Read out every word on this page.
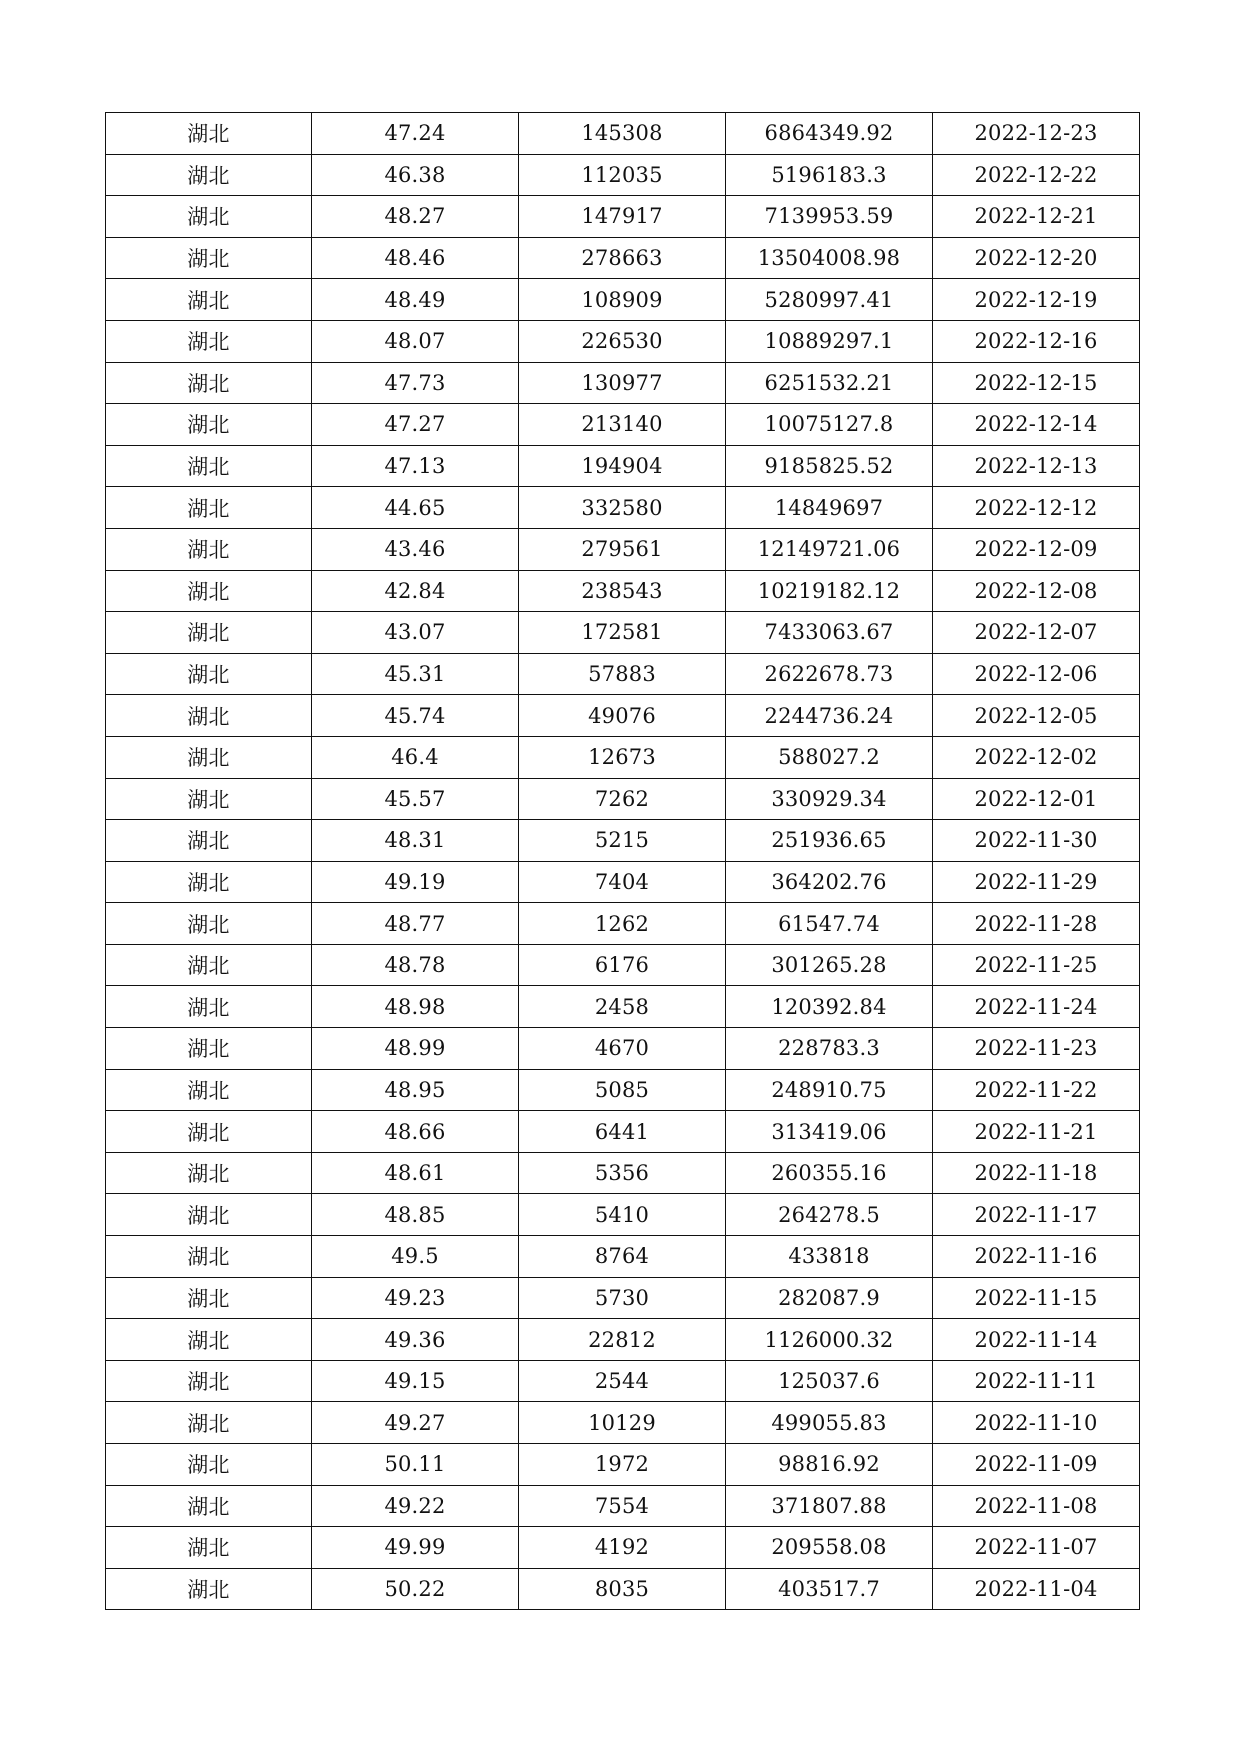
湖北	47.24	145308	6864349.92	2022-12-23
湖北	46.38	112035	5196183.3	2022-12-22
湖北	48.27	147917	7139953.59	2022-12-21
湖北	48.46	278663	13504008.98	2022-12-20
湖北	48.49	108909	5280997.41	2022-12-19
湖北	48.07	226530	10889297.1	2022-12-16
湖北	47.73	130977	6251532.21	2022-12-15
湖北	47.27	213140	10075127.8	2022-12-14
湖北	47.13	194904	9185825.52	2022-12-13
湖北	44.65	332580	14849697	2022-12-12
湖北	43.46	279561	12149721.06	2022-12-09
湖北	42.84	238543	10219182.12	2022-12-08
湖北	43.07	172581	7433063.67	2022-12-07
湖北	45.31	57883	2622678.73	2022-12-06
湖北	45.74	49076	2244736.24	2022-12-05
湖北	46.4	12673	588027.2	2022-12-02
湖北	45.57	7262	330929.34	2022-12-01
湖北	48.31	5215	251936.65	2022-11-30
湖北	49.19	7404	364202.76	2022-11-29
湖北	48.77	1262	61547.74	2022-11-28
湖北	48.78	6176	301265.28	2022-11-25
湖北	48.98	2458	120392.84	2022-11-24
湖北	48.99	4670	228783.3	2022-11-23
湖北	48.95	5085	248910.75	2022-11-22
湖北	48.66	6441	313419.06	2022-11-21
湖北	48.61	5356	260355.16	2022-11-18
湖北	48.85	5410	264278.5	2022-11-17
湖北	49.5	8764	433818	2022-11-16
湖北	49.23	5730	282087.9	2022-11-15
湖北	49.36	22812	1126000.32	2022-11-14
湖北	49.15	2544	125037.6	2022-11-11
湖北	49.27	10129	499055.83	2022-11-10
湖北	50.11	1972	98816.92	2022-11-09
湖北	49.22	7554	371807.88	2022-11-08
湖北	49.99	4192	209558.08	2022-11-07
湖北	50.22	8035	403517.7	2022-11-04
